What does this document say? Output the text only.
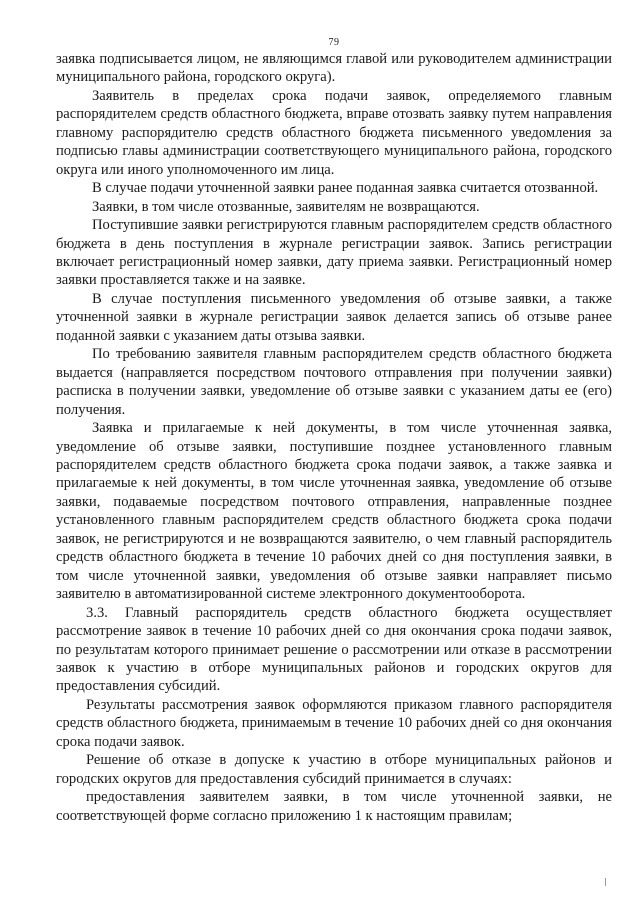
79

заявка подписывается лицом, не являющимся главой или руководителем администрации муниципального района, городского округа).

Заявитель в пределах срока подачи заявок, определяемого главным распорядителем средств областного бюджета, вправе отозвать заявку путем направления главному распорядителю средств областного бюджета письменного уведомления за подписью главы администрации соответствующего муниципального района, городского округа или иного уполномоченного им лица.

В случае подачи уточненной заявки ранее поданная заявка считается отозванной.

Заявки, в том числе отозванные, заявителям не возвращаются.

Поступившие заявки регистрируются главным распорядителем средств областного бюджета в день поступления в журнале регистрации заявок. Запись регистрации включает регистрационный номер заявки, дату приема заявки. Регистрационный номер заявки проставляется также и на заявке.

В случае поступления письменного уведомления об отзыве заявки, а также уточненной заявки в журнале регистрации заявок делается запись об отзыве ранее поданной заявки с указанием даты отзыва заявки.

По требованию заявителя главным распорядителем средств областного бюджета выдается (направляется посредством почтового отправления при получении заявки) расписка в получении заявки, уведомление об отзыве заявки с указанием даты ее (его) получения.

Заявка и прилагаемые к ней документы, в том числе уточненная заявка, уведомление об отзыве заявки, поступившие позднее установленного главным распорядителем средств областного бюджета срока подачи заявок, а также заявка и прилагаемые к ней документы, в том числе уточненная заявка, уведомление об отзыве заявки, подаваемые посредством почтового отправления, направленные позднее установленного главным распорядителем средств областного бюджета срока подачи заявок, не регистрируются и не возвращаются заявителю, о чем главный распорядитель средств областного бюджета в течение 10 рабочих дней со дня поступления заявки, в том числе уточненной заявки, уведомления об отзыве заявки направляет письмо заявителю в автоматизированной системе электронного документооборота.

3.3. Главный распорядитель средств областного бюджета осуществляет рассмотрение заявок в течение 10 рабочих дней со дня окончания срока подачи заявок, по результатам которого принимает решение о рассмотрении или отказе в рассмотрении заявок к участию в отборе муниципальных районов и городских округов для предоставления субсидий.

Результаты рассмотрения заявок оформляются приказом главного распорядителя средств областного бюджета, принимаемым в течение 10 рабочих дней со дня окончания срока подачи заявок.

Решение об отказе в допуске к участию в отборе муниципальных районов и городских округов для предоставления субсидий принимается в случаях:

предоставления заявителем заявки, в том числе уточненной заявки, не соответствующей форме согласно приложению 1 к настоящим правилам;
